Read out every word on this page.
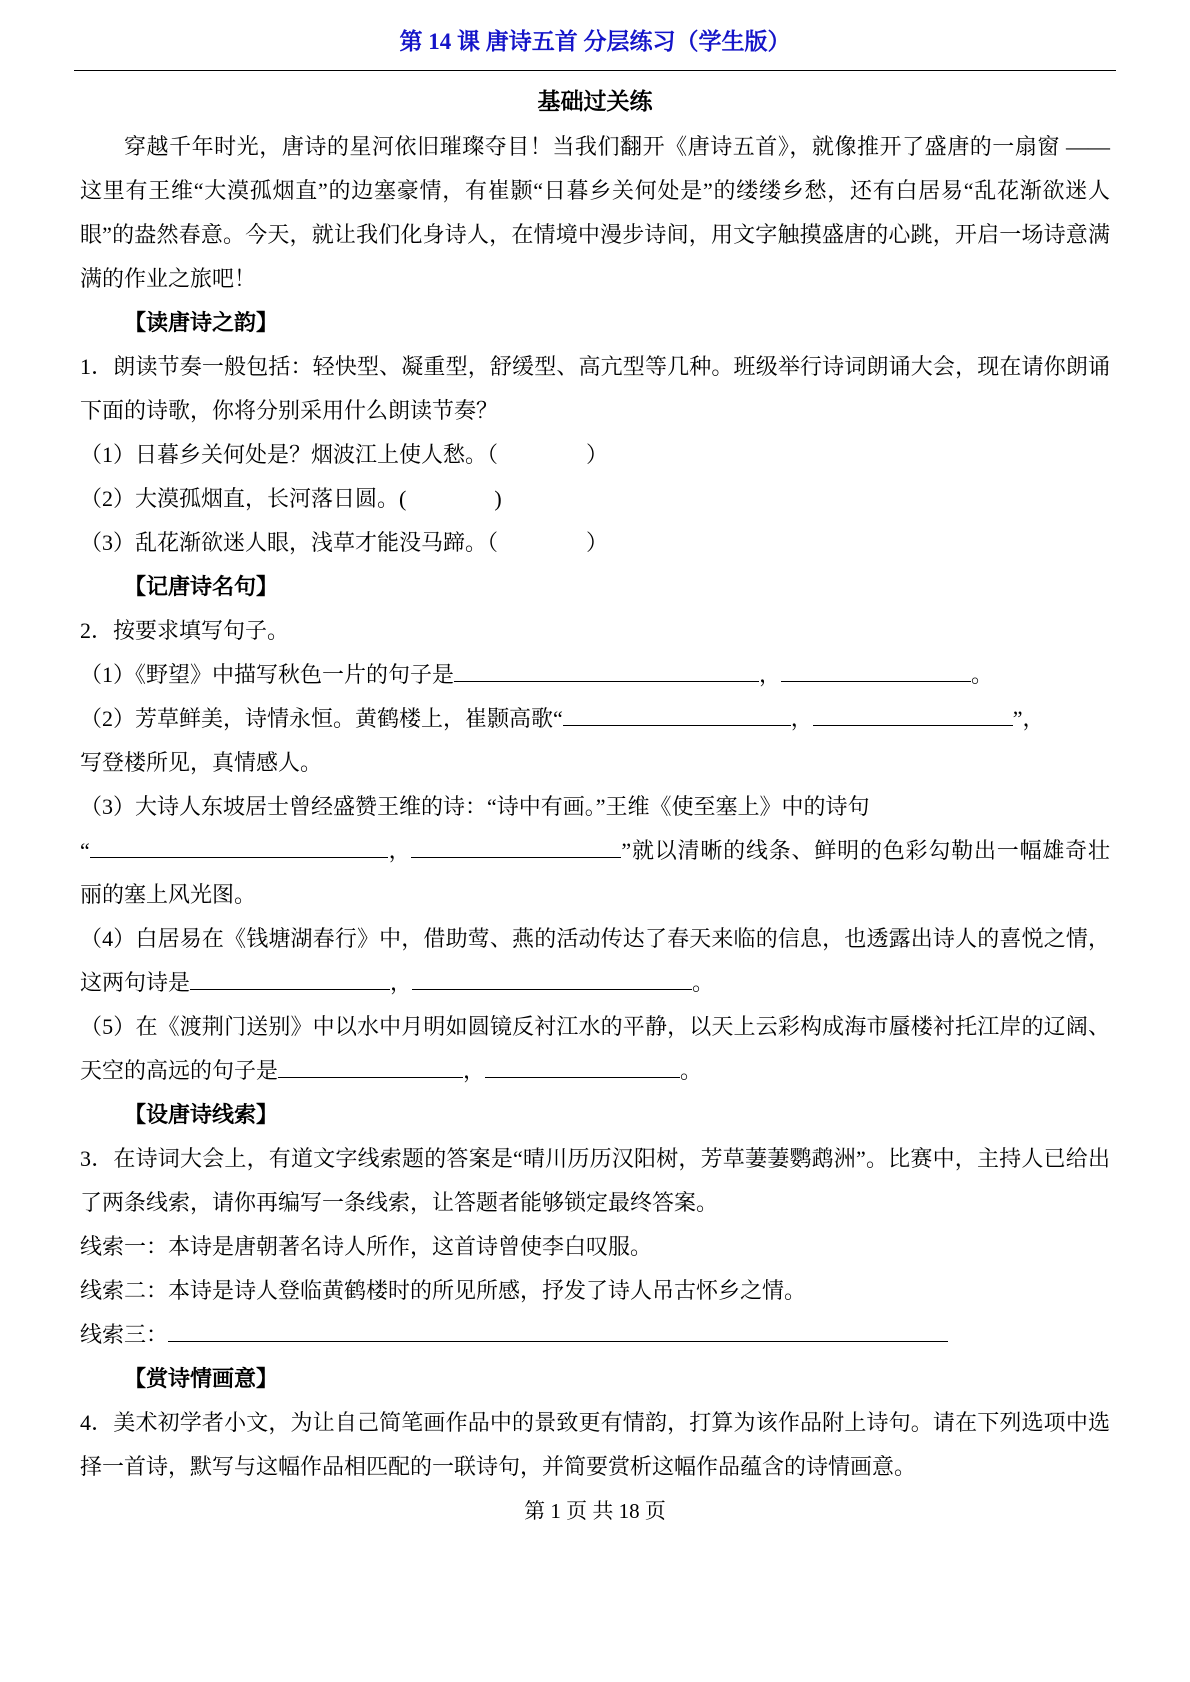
第 14 课 唐诗五首 分层练习（学生版）
基础过关练

穿越千年时光，唐诗的星河依旧璀璨夺目！当我们翻开《唐诗五首》，就像推开了盛唐的一扇窗 —— 这里有王维“大漠孤烟直”的边塞豪情，有崔颢“日暮乡关何处是”的缕缕乡愁，还有白居易“乱花渐欲迷人眼”的盎然春意。今天，就让我们化身诗人，在情境中漫步诗间，用文字触摸盛唐的心跳，开启一场诗意满满的作业之旅吧！

【读唐诗之韵】

1．朗读节奏一般包括：轻快型、凝重型，舒缓型、高亢型等几种。班级举行诗词朗诵大会，现在请你朗诵下面的诗歌，你将分别采用什么朗读节奏？

（1）日暮乡关何处是？烟波江上使人愁。（　　　　）

（2）大漠孤烟直，长河落日圆。(　　　　)

（3）乱花渐欲迷人眼，浅草才能没马蹄。（　　　　）

【记唐诗名句】

2．按要求填写句子。

（1）《野望》中描写秋色一片的句子是	，	。

（2）芳草鲜美，诗情永恒。黄鹤楼上，崔颢高歌“	，	”，
写登楼所见，真情感人。

（3）大诗人东坡居士曾经盛赞王维的诗：“诗中有画。”王维《使至塞上》中的诗句
“	，	”就以清晰的线条、鲜明的色彩勾勒出一幅雄奇壮丽的塞上风光图。

（4）白居易在《钱塘湖春行》中，借助莺、燕的活动传达了春天来临的信息，也透露出诗人的喜悦之情，这两句诗是	，	。

（5）在《渡荆门送别》中以水中月明如圆镜反衬江水的平静，以天上云彩构成海市蜃楼衬托江岸的辽阔、天空的高远的句子是	，	。

【设唐诗线索】

3．在诗词大会上，有道文字线索题的答案是“晴川历历汉阳树，芳草萋萋鹦鹉洲”。比赛中，主持人已给出了两条线索，请你再编写一条线索，让答题者能够锁定最终答案。

线索一：本诗是唐朝著名诗人所作，这首诗曾使李白叹服。

线索二：本诗是诗人登临黄鹤楼时的所见所感，抒发了诗人吊古怀乡之情。

线索三：

【赏诗情画意】

4．美术初学者小文，为让自己简笔画作品中的景致更有情韵，打算为该作品附上诗句。请在下列选项中选择一首诗，默写与这幅作品相匹配的一联诗句，并简要赏析这幅作品蕴含的诗情画意。

第 1 页 共 18 页
